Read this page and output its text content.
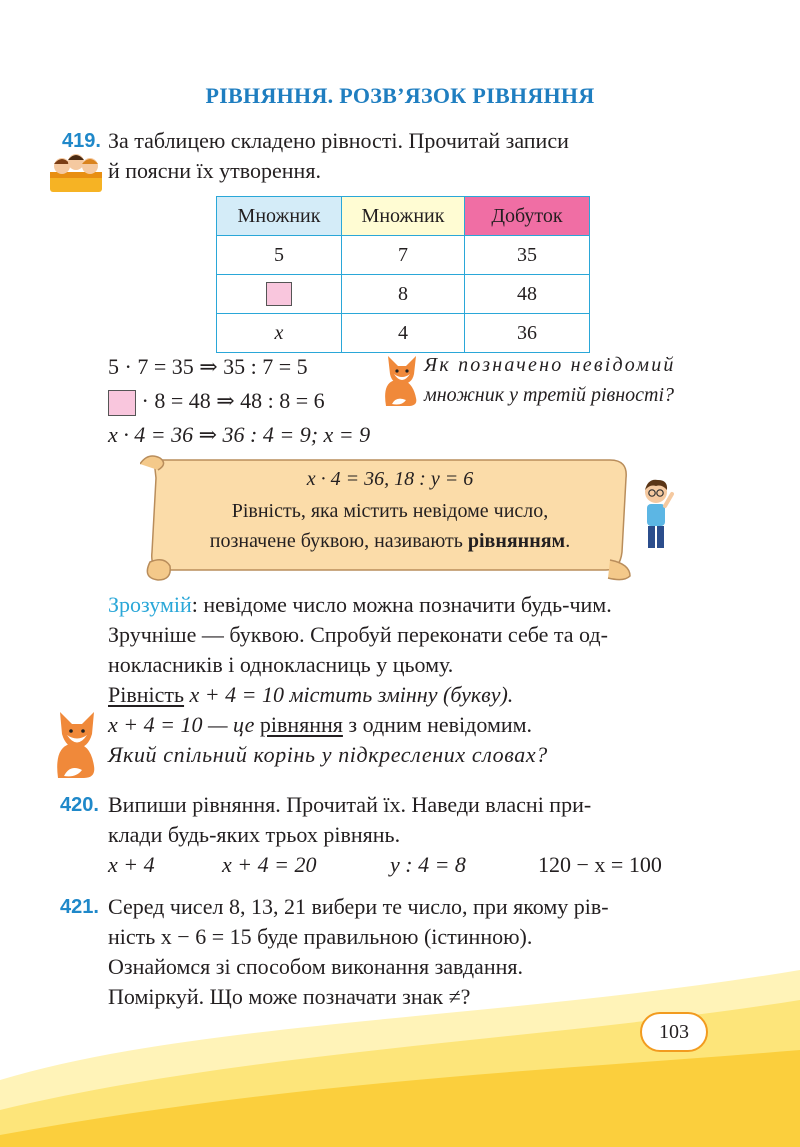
РІВНЯННЯ. РОЗВ’ЯЗОК РІВНЯННЯ
419. За таблицею складено рівності. Прочитай записи
й поясни їх утворення.
Множник	Множник	Добуток
5	7	35
	8	48
x	4	36
5 · 7 = 35 ⇒ 35 : 7 = 5
· 8 = 48 ⇒ 48 : 8 = 6
x · 4 = 36 ⇒ 36 : 4 = 9; x = 9
Як позначено невідомий
множник у третій рівності?
x · 4 = 36, 18 : y = 6
Рівність, яка містить невідоме число,
позначене буквою, називають рівнянням.
Зрозумій: невідоме число можна позначити будь-чим.
Зручніше — буквою. Спробуй переконати себе та од-
нокласників і однокласниць у цьому.
Рівність x + 4 = 10 містить змінну (букву).
x + 4 = 10 — це рівняння з одним невідомим.
Який спільний корінь у підкреслених словах?
420. Випиши рівняння. Прочитай їх. Наведи власні при-
клади будь-яких трьох рівнянь.
x + 4	x + 4 = 20	y : 4 = 8	120 − x = 100
421. Серед чисел 8, 13, 21 вибери те число, при якому рів-
ність x − 6 = 15 буде правильною (істинною).
Ознайомся зі способом виконання завдання.
Поміркуй. Що може позначати знак ≠?
103
